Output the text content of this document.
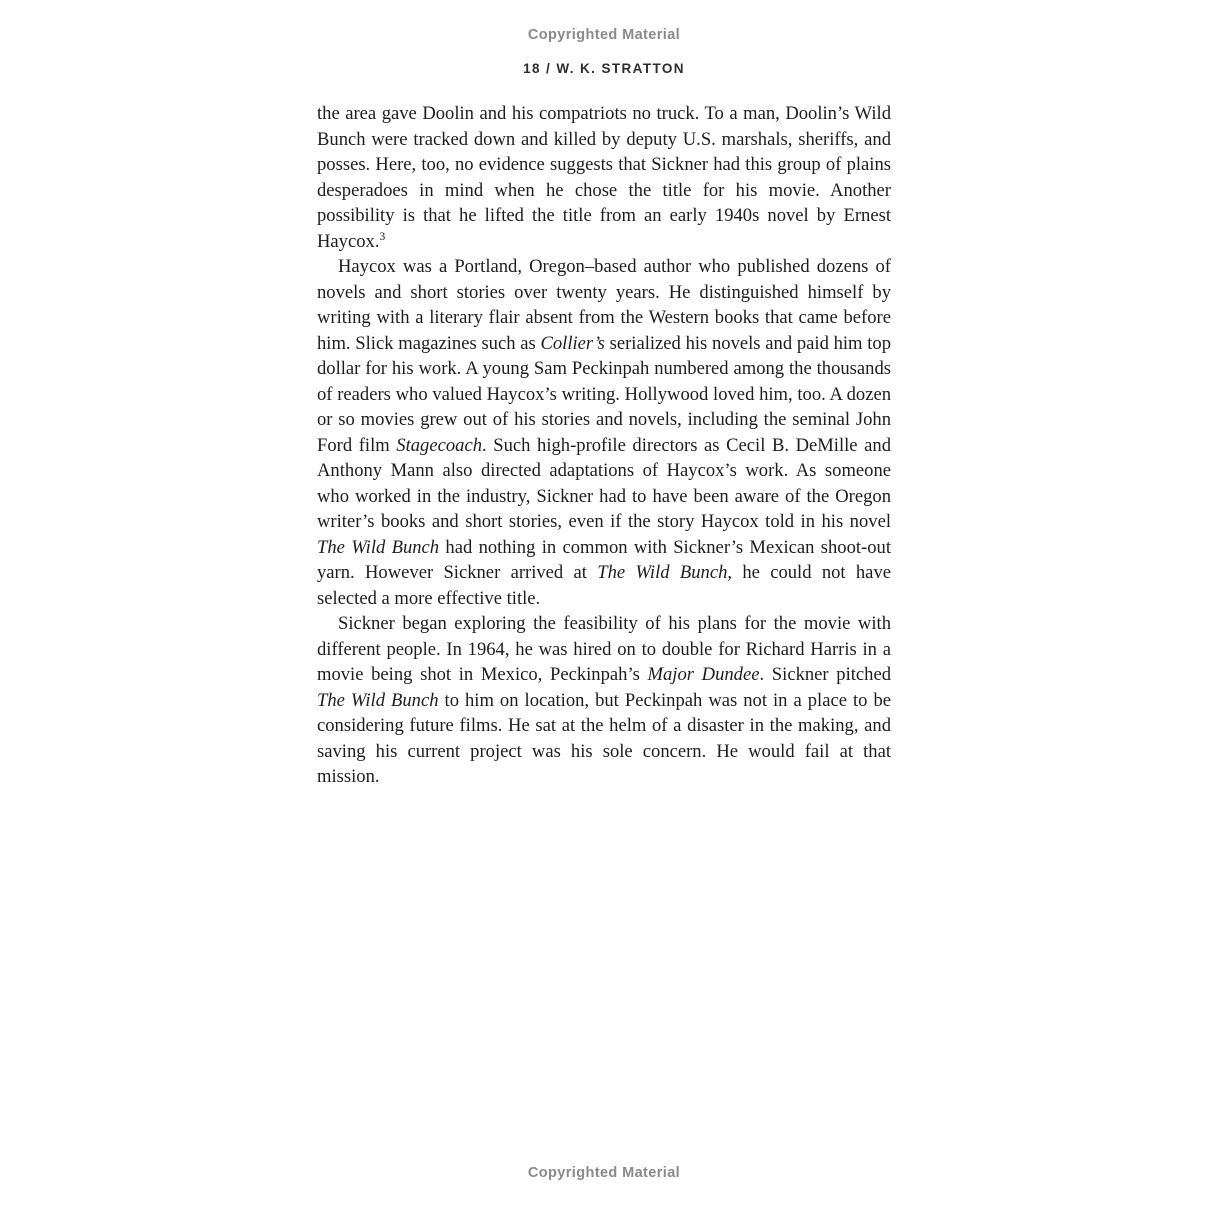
Copyrighted Material
18 / W. K. STRATTON

the area gave Doolin and his compatriots no truck. To a man, Doolin’s Wild Bunch were tracked down and killed by deputy U.S. marshals, sheriffs, and posses. Here, too, no evidence suggests that Sickner had this group of plains desperadoes in mind when he chose the title for his movie. Another possibility is that he lifted the title from an early 1940s novel by Ernest Haycox.$^3$

Haycox was a Portland, Oregon–based author who published dozens of novels and short stories over twenty years. He distinguished himself by writing with a literary flair absent from the Western books that came before him. Slick magazines such as Collier’s serialized his novels and paid him top dollar for his work. A young Sam Peckinpah numbered among the thousands of readers who valued Haycox’s writing. Hollywood loved him, too. A dozen or so movies grew out of his stories and novels, including the seminal John Ford film Stagecoach. Such high-profile directors as Cecil B. DeMille and Anthony Mann also directed adaptations of Haycox’s work. As someone who worked in the industry, Sickner had to have been aware of the Oregon writer’s books and short stories, even if the story Haycox told in his novel The Wild Bunch had nothing in common with Sickner’s Mexican shoot-out yarn. However Sickner arrived at The Wild Bunch, he could not have selected a more effective title.

Sickner began exploring the feasibility of his plans for the movie with different people. In 1964, he was hired on to double for Richard Harris in a movie being shot in Mexico, Peckinpah’s Major Dundee. Sickner pitched The Wild Bunch to him on location, but Peckinpah was not in a place to be considering future films. He sat at the helm of a disaster in the making, and saving his current project was his sole concern. He would fail at that mission.

Copyrighted Material
